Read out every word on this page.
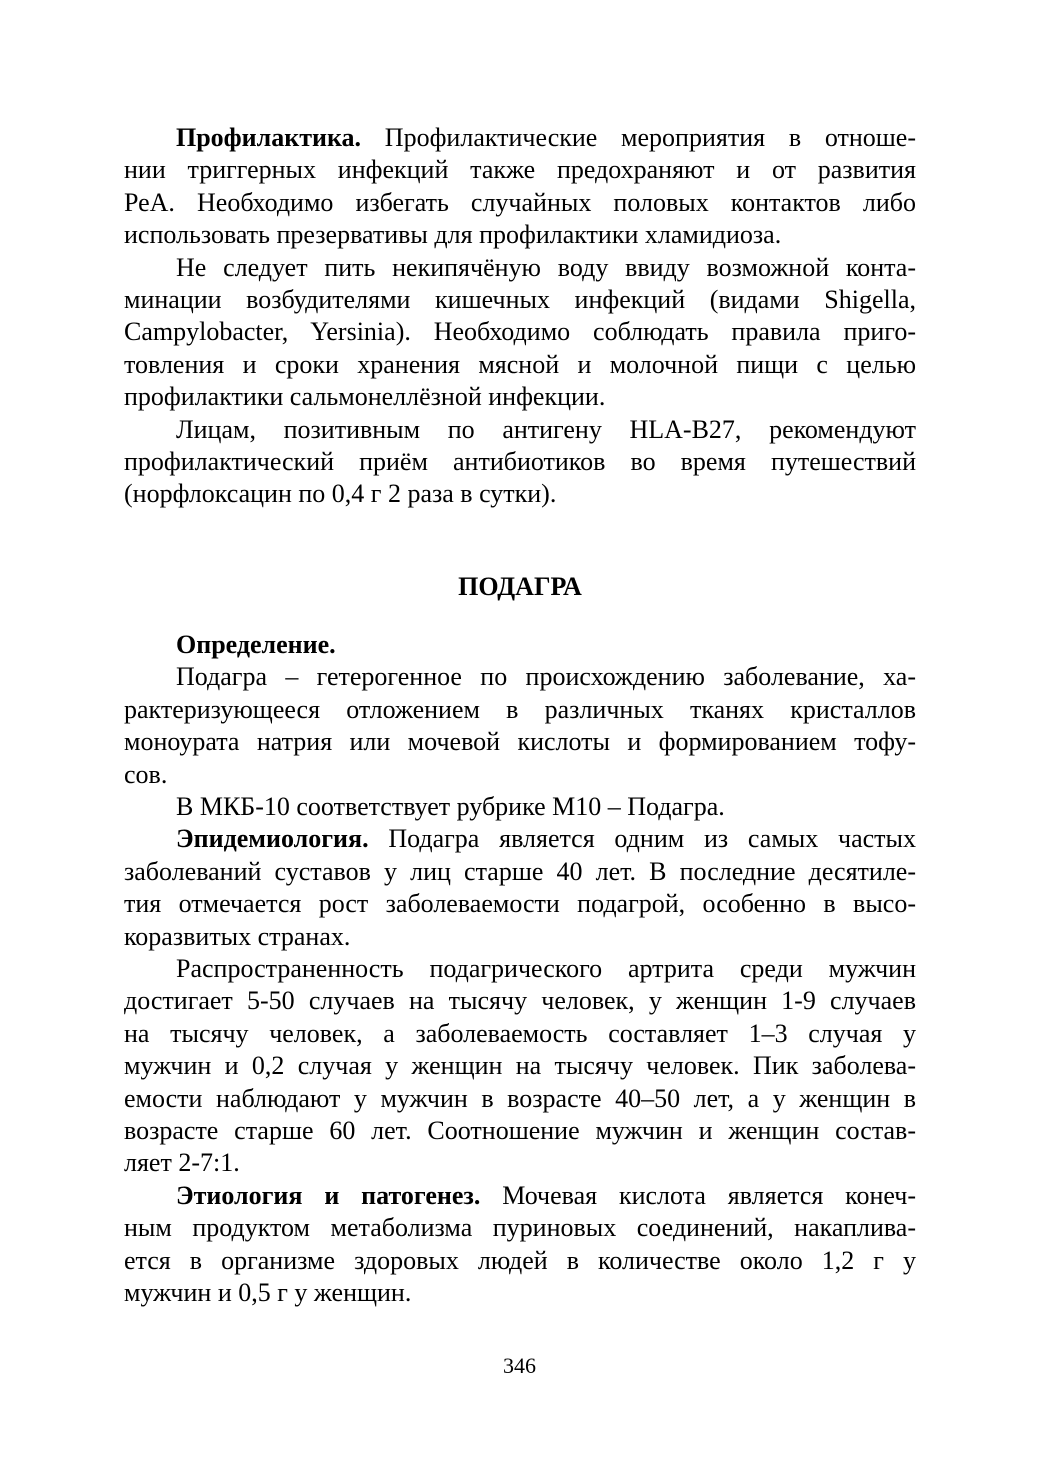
Профилактика. Профилактические мероприятия в отноше-
нии триггерных инфекций также предохраняют и от развития
РеА. Необходимо избегать случайных половых контактов либо
использовать презервативы для профилактики хламидиоза.
Не следует пить некипячёную воду ввиду возможной конта-
минации возбудителями кишечных инфекций (видами Shigella,
Campylobacter, Yersinia). Необходимо соблюдать правила приго-
товления и сроки хранения мясной и молочной пищи с целью
профилактики сальмонеллёзной инфекции.
Лицам, позитивным по антигену HLA-B27, рекомендуют
профилактический приём антибиотиков во время путешествий
(норфлоксацин по 0,4 г 2 раза в сутки).
ПОДАГРА
Определение.
Подагра – гетерогенное по происхождению заболевание, ха-
рактеризующееся отложением в различных тканях кристаллов
моноурата натрия или мочевой кислоты и формированием тофу-
сов.
В МКБ-10 соответствует рубрике М10 – Подагра.
Эпидемиология. Подагра является одним из самых частых
заболеваний суставов у лиц старше 40 лет. В последние десятиле-
тия отмечается рост заболеваемости подагрой, особенно в высо-
коразвитых странах.
Распространенность подагрического артрита среди мужчин
достигает 5-50 случаев на тысячу человек, у женщин 1-9 случаев
на тысячу человек, а заболеваемость составляет 1–3 случая у
мужчин и 0,2 случая у женщин на тысячу человек. Пик заболева-
емости наблюдают у мужчин в возрасте 40–50 лет, а у женщин в
возрасте старше 60 лет. Соотношение мужчин и женщин состав-
ляет 2-7:1.
Этиология и патогенез. Мочевая кислота является конеч-
ным продуктом метаболизма пуриновых соединений, накаплива-
ется в организме здоровых людей в количестве около 1,2 г у
мужчин и 0,5 г у женщин.
346
